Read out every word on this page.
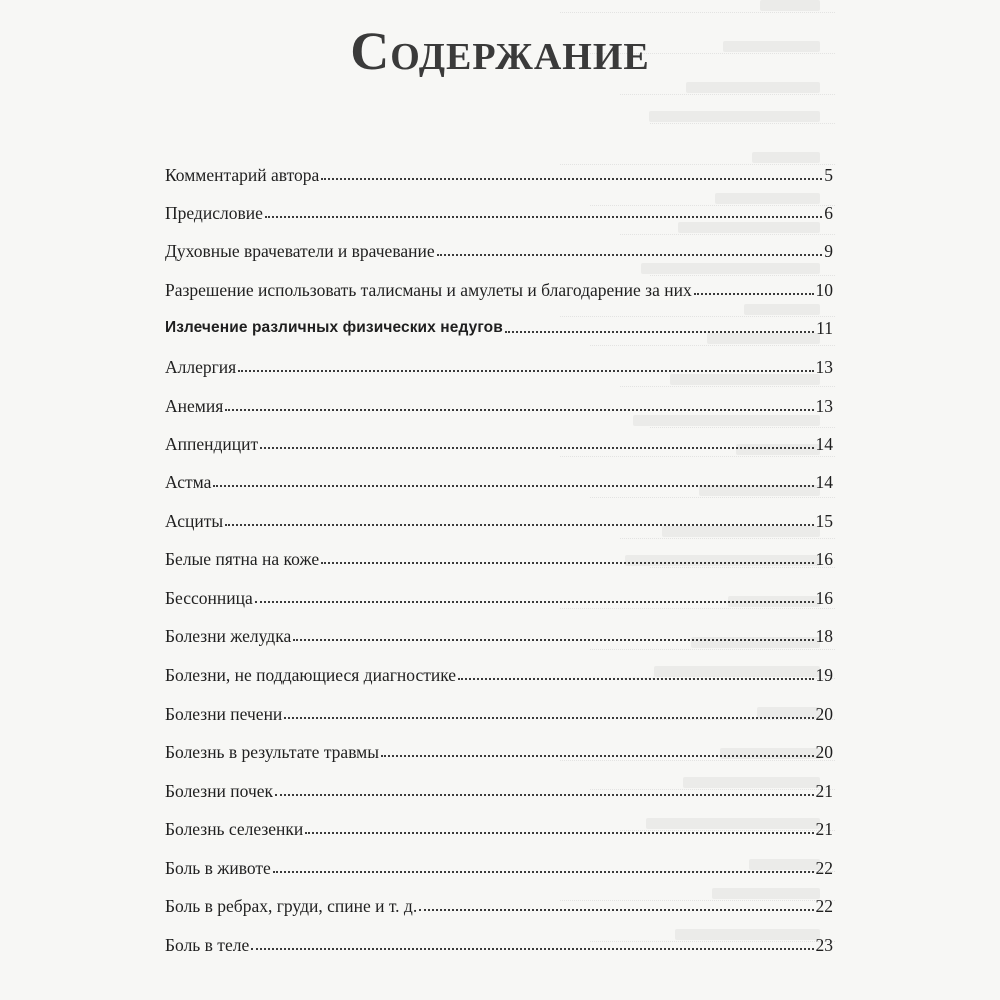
Содержание
Комментарий автора	5
Предисловие	6
Духовные врачеватели и врачевание	9
Разрешение использовать талисманы и амулеты и благодарение за них	10
Излечение различных физических недугов	11
Аллергия	13
Анемия	13
Аппендицит	14
Астма	14
Асциты	15
Белые пятна на коже	16
Бессонница	16
Болезни желудка	18
Болезни, не поддающиеся диагностике	19
Болезни печени	20
Болезнь в результате травмы	20
Болезни почек	21
Болезнь селезенки	21
Боль в животе	22
Боль в ребрах, груди, спине и т. д.	22
Боль в теле	23
